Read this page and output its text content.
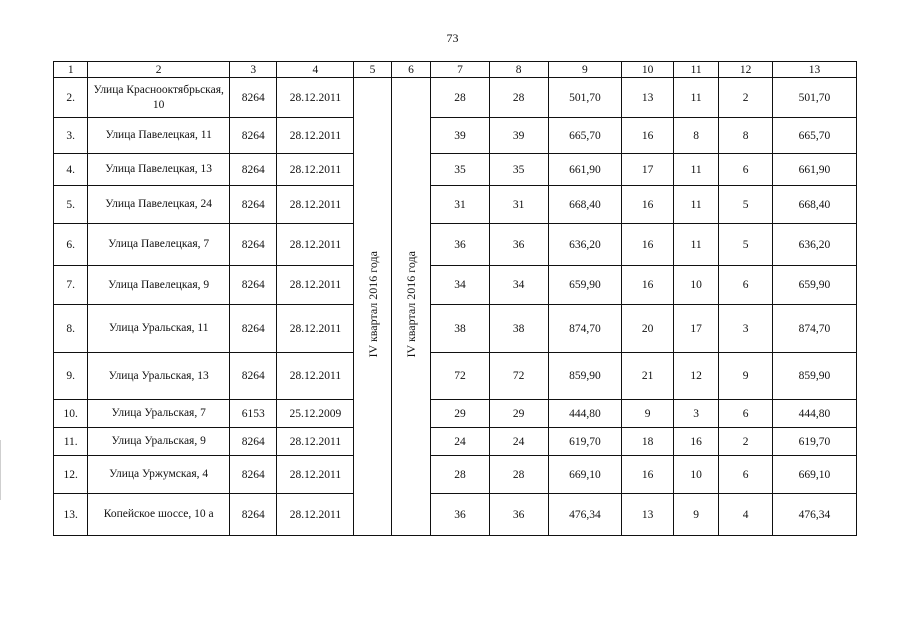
73
1	2	3	4	5	6	7	8	9	10	11	12	13
2.	Улица Краснооктябрьская, 10	8264	28.12.2011	IV квартал 2016 года	IV квартал 2016 года	28	28	501,70	13	11	2	501,70
3.	Улица Павелецкая, 11	8264	28.12.2011			39	39	665,70	16	8	8	665,70
4.	Улица Павелецкая, 13	8264	28.12.2011			35	35	661,90	17	11	6	661,90
5.	Улица Павелецкая, 24	8264	28.12.2011			31	31	668,40	16	11	5	668,40
6.	Улица Павелецкая, 7	8264	28.12.2011			36	36	636,20	16	11	5	636,20
7.	Улица Павелецкая, 9	8264	28.12.2011			34	34	659,90	16	10	6	659,90
8.	Улица Уральская, 11	8264	28.12.2011			38	38	874,70	20	17	3	874,70
9.	Улица Уральская, 13	8264	28.12.2011			72	72	859,90	21	12	9	859,90
10.	Улица Уральская, 7	6153	25.12.2009			29	29	444,80	9	3	6	444,80
11.	Улица Уральская, 9	8264	28.12.2011			24	24	619,70	18	16	2	619,70
12.	Улица Уржумская, 4	8264	28.12.2011			28	28	669,10	16	10	6	669,10
13.	Копейское шоссе, 10 а	8264	28.12.2011			36	36	476,34	13	9	4	476,34
